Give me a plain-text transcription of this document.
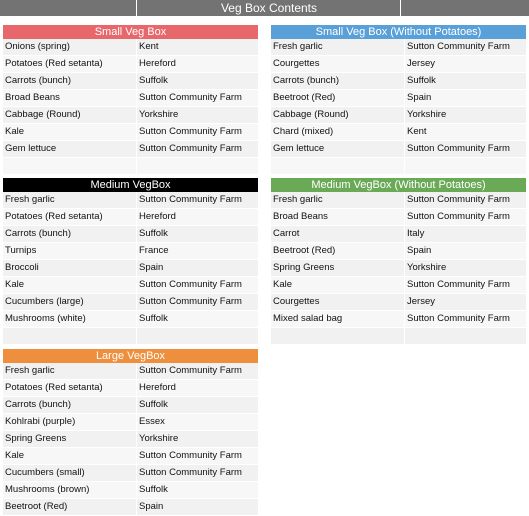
Veg Box Contents
Small Veg Box
Onions (spring)	Kent
Potatoes (Red setanta)	Hereford
Carrots (bunch)	Suffolk
Broad Beans	Sutton Community Farm
Cabbage (Round)	Yorkshire
Kale	Sutton Community Farm
Gem lettuce	Sutton Community Farm
Small Veg Box (Without Potatoes)
Fresh garlic	Sutton Community Farm
Courgettes	Jersey
Carrots (bunch)	Suffolk
Beetroot (Red)	Spain
Cabbage (Round)	Yorkshire
Chard (mixed)	Kent
Gem lettuce	Sutton Community Farm
Medium VegBox
Fresh garlic	Sutton Community Farm
Potatoes (Red setanta)	Hereford
Carrots (bunch)	Suffolk
Turnips	France
Broccoli	Spain
Kale	Sutton Community Farm
Cucumbers (large)	Sutton Community Farm
Mushrooms (white)	Suffolk
Medium VegBox (Without Potatoes)
Fresh garlic	Sutton Community Farm
Broad Beans	Sutton Community Farm
Carrot	Italy
Beetroot (Red)	Spain
Spring Greens	Yorkshire
Kale	Sutton Community Farm
Courgettes	Jersey
Mixed salad bag	Sutton Community Farm
Large VegBox
Fresh garlic	Sutton Community Farm
Potatoes (Red setanta)	Hereford
Carrots (bunch)	Suffolk
Kohlrabi (purple)	Essex
Spring Greens	Yorkshire
Kale	Sutton Community Farm
Cucumbers (small)	Sutton Community Farm
Mushrooms (brown)	Suffolk
Beetroot (Red)	Spain
